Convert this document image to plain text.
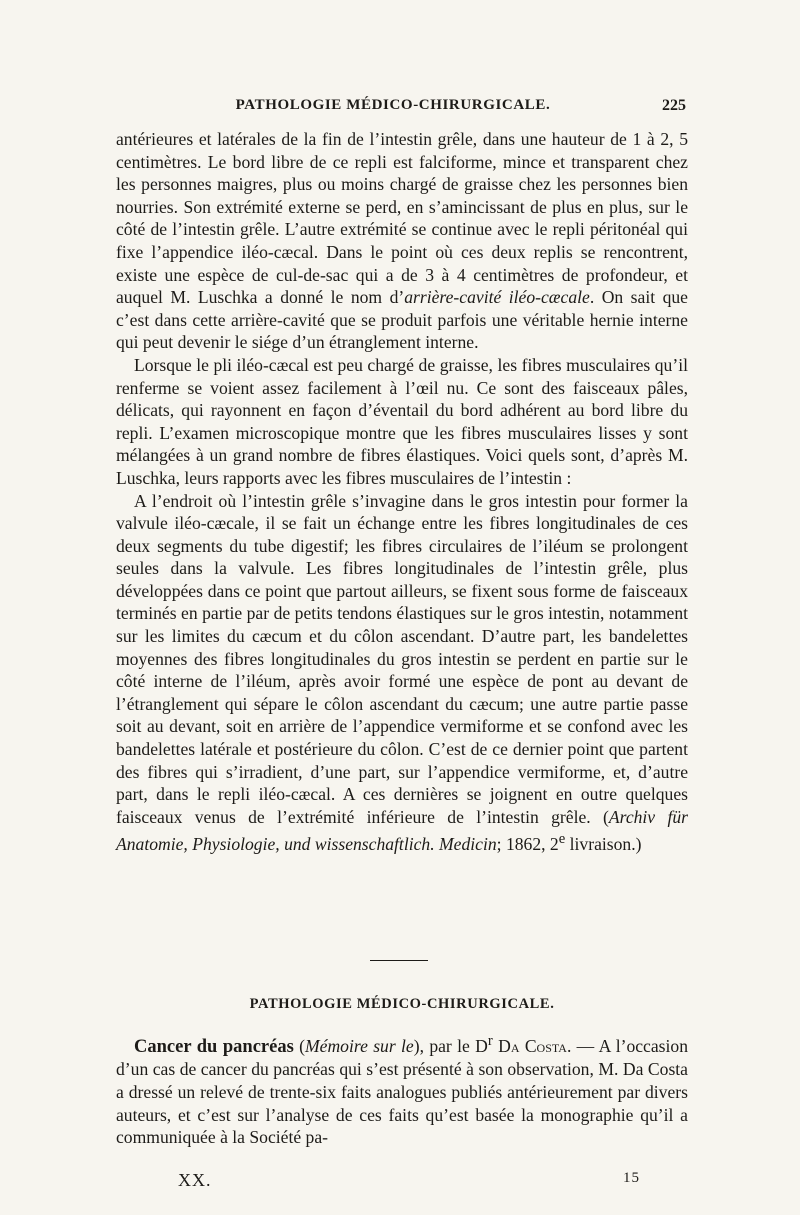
PATHOLOGIE MÉDICO-CHIRURGICALE.	225

antérieures et latérales de la fin de l’intestin grêle, dans une hauteur de 1 à 2, 5 centimètres. Le bord libre de ce repli est falciforme, mince et transparent chez les personnes maigres, plus ou moins chargé de graisse chez les personnes bien nourries. Son extrémité externe se perd, en s’amincissant de plus en plus, sur le côté de l’intestin grêle. L’autre extrémité se continue avec le repli péritonéal qui fixe l’appendice iléo-cæcal. Dans le point où ces deux replis se rencontrent, existe une espèce de cul-de-sac qui a de 3 à 4 centimètres de profondeur, et auquel M. Luschka a donné le nom d’arrière-cavité iléo-cæcale. On sait que c’est dans cette arrière-cavité que se produit parfois une véritable hernie interne qui peut devenir le siége d’un étranglement interne.

Lorsque le pli iléo-cæcal est peu chargé de graisse, les fibres musculaires qu’il renferme se voient assez facilement à l’œil nu. Ce sont des faisceaux pâles, délicats, qui rayonnent en façon d’éventail du bord adhérent au bord libre du repli. L’examen microscopique montre que les fibres musculaires lisses y sont mélangées à un grand nombre de fibres élastiques. Voici quels sont, d’après M. Luschka, leurs rapports avec les fibres musculaires de l’intestin :

A l’endroit où l’intestin grêle s’invagine dans le gros intestin pour former la valvule iléo-cæcale, il se fait un échange entre les fibres longitudinales de ces deux segments du tube digestif; les fibres circulaires de l’iléum se prolongent seules dans la valvule. Les fibres longitudinales de l’intestin grêle, plus développées dans ce point que partout ailleurs, se fixent sous forme de faisceaux terminés en partie par de petits tendons élastiques sur le gros intestin, notamment sur les limites du cæcum et du côlon ascendant. D’autre part, les bandelettes moyennes des fibres longitudinales du gros intestin se perdent en partie sur le côté interne de l’iléum, après avoir formé une espèce de pont au devant de l’étranglement qui sépare le côlon ascendant du cæcum; une autre partie passe soit au devant, soit en arrière de l’appendice vermiforme et se confond avec les bandelettes latérale et postérieure du côlon. C’est de ce dernier point que partent des fibres qui s’irradient, d’une part, sur l’appendice vermiforme, et, d’autre part, dans le repli iléo-cæcal. A ces dernières se joignent en outre quelques faisceaux venus de l’extrémité inférieure de l’intestin grêle. (Archiv für Anatomie, Physiologie, und wissenschaftlich. Medicin; 1862, 2e livraison.)

PATHOLOGIE MÉDICO-CHIRURGICALE.

Cancer du pancréas (Mémoire sur le), par le $D^r$ Da Costa. — A l’occasion d’un cas de cancer du pancréas qui s’est présenté à son observation, M. Da Costa a dressé un relevé de trente-six faits analogues publiés antérieurement par divers auteurs, et c’est sur l’analyse de ces faits qu’est basée la monographie qu’il a communiquée à la Société pa-

XX.	15
